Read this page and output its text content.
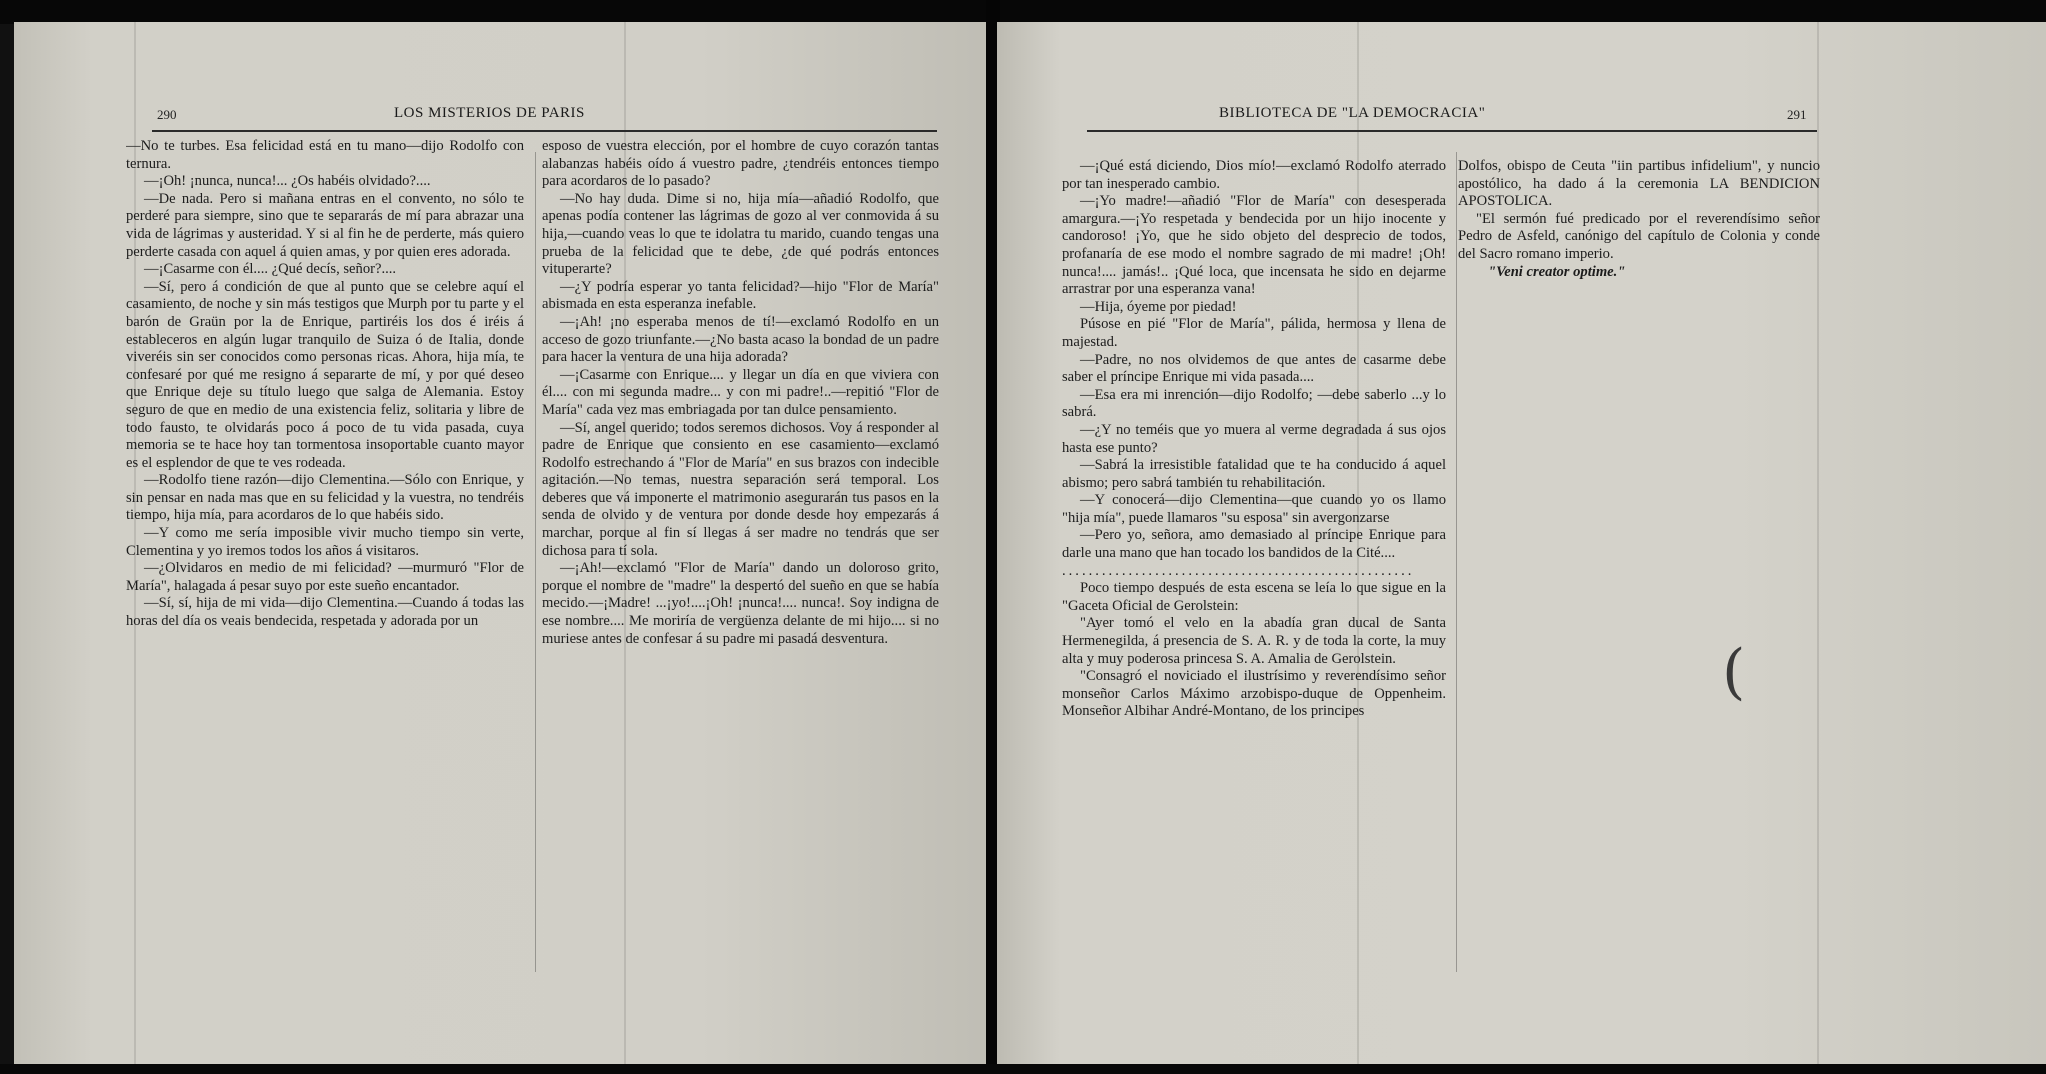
290	LOS MISTERIOS DE PARIS

—No te turbes. Esa felicidad está en tu mano—dijo Rodolfo con ternura.

—¡Oh! ¡nunca, nunca!... ¿Os habéis olvidado?....

—De nada. Pero si mañana entras en el convento, no sólo te perderé para siempre, sino que te separarás de mí para abrazar una vida de lágrimas y austeridad. Y si al fin he de perderte, más quiero perderte casada con aquel á quien amas, y por quien eres adorada.

—¡Casarme con él.... ¿Qué decís, señor?....

—Sí, pero á condición de que al punto que se celebre aquí el casamiento, de noche y sin más testigos que Murph por tu parte y el barón de Graün por la de Enrique, partiréis los dos é iréis á estableceros en algún lugar tranquilo de Suiza ó de Italia, donde viveréis sin ser conocidos como personas ricas. Ahora, hija mía, te confesaré por qué me resigno á separarte de mí, y por qué deseo que Enrique deje su título luego que salga de Alemania. Estoy seguro de que en medio de una existencia feliz, solitaria y libre de todo fausto, te olvidarás poco á poco de tu vida pasada, cuya memoria se te hace hoy tan tormentosa insoportable cuanto mayor es el esplendor de que te ves rodeada.

—Rodolfo tiene razón—dijo Clementina.—Sólo con Enrique, y sin pensar en nada mas que en su felicidad y la vuestra, no tendréis tiempo, hija mía, para acordaros de lo que habéis sido.

—Y como me sería imposible vivir mucho tiempo sin verte, Clementina y yo iremos todos los años á visitaros.

—¿Olvidaros en medio de mi felicidad? —murmuró "Flor de María", halagada á pesar suyo por este sueño encantador.

—Sí, sí, hija de mi vida—dijo Clementina.—Cuando á todas las horas del día os veais bendecida, respetada y adorada por un

esposo de vuestra elección, por el hombre de cuyo corazón tantas alabanzas habéis oído á vuestro padre, ¿tendréis entonces tiempo para acordaros de lo pasado?

—No hay duda. Dime si no, hija mía—añadió Rodolfo, que apenas podía contener las lágrimas de gozo al ver conmovida á su hija,—cuando veas lo que te idolatra tu marido, cuando tengas una prueba de la felicidad que te debe, ¿de qué podrás entonces vituperarte?

—¿Y podría esperar yo tanta felicidad?—hijo "Flor de María" abismada en esta esperanza inefable.

—¡Ah! ¡no esperaba menos de tí!—exclamó Rodolfo en un acceso de gozo triunfante.—¿No basta acaso la bondad de un padre para hacer la ventura de una hija adorada?

—¡Casarme con Enrique.... y llegar un día en que viviera con él.... con mi segunda madre... y con mi padre!..—repitió "Flor de María" cada vez mas embriagada por tan dulce pensamiento.

—Sí, angel querido; todos seremos dichosos. Voy á responder al padre de Enrique que consiento en ese casamiento—exclamó Rodolfo estrechando á "Flor de María" en sus brazos con indecible agitación.—No temas, nuestra separación será temporal. Los deberes que vá imponerte el matrimonio asegurarán tus pasos en la senda de olvido y de ventura por donde desde hoy empezarás á marchar, porque al fin sí llegas á ser madre no tendrás que ser dichosa para tí sola.

—¡Ah!—exclamó "Flor de María" dando un doloroso grito, porque el nombre de "madre" la despertó del sueño en que se había mecido.—¡Madre! ...¡yo!....¡Oh! ¡nunca!.... nunca!. Soy indigna de ese nombre.... Me moriría de vergüenza delante de mi hijo.... si no muriese antes de confesar á su padre mi pasadá desventura.

BIBLIOTECA DE "LA DEMOCRACIA"	291

—¡Qué está diciendo, Dios mío!—exclamó Rodolfo aterrado por tan inesperado cambio.

—¡Yo madre!—añadió "Flor de María" con desesperada amargura.—¡Yo respetada y bendecida por un hijo inocente y candoroso! ¡Yo, que he sido objeto del desprecio de todos, profanaría de ese modo el nombre sagrado de mi madre! ¡Oh! nunca!.... jamás!.. ¡Qué loca, que incensata he sido en dejarme arrastrar por una esperanza vana!

—Hija, óyeme por piedad!

Púsose en pié "Flor de María", pálida, hermosa y llena de majestad.

—Padre, no nos olvidemos de que antes de casarme debe saber el príncipe Enrique mi vida pasada....

—Esa era mi inrención—dijo Rodolfo; —debe saberlo ...y lo sabrá.

—¿Y no teméis que yo muera al verme degradada á sus ojos hasta ese punto?

—Sabrá la irresistible fatalidad que te ha conducido á aquel abismo; pero sabrá también tu rehabilitación.

—Y conocerá—dijo Clementina—que cuando yo os llamo "hija mía", puede llamaros "su esposa" sin avergonzarse

—Pero yo, señora, amo demasiado al príncipe Enrique para darle una mano que han tocado los bandidos de la Cité....

.....................................................

Poco tiempo después de esta escena se leía lo que sigue en la "Gaceta Oficial de Gerolstein:

"Ayer tomó el velo en la abadía gran ducal de Santa Hermenegilda, á presencia de S. A. R. y de toda la corte, la muy alta y muy poderosa princesa S. A. Amalia de Gerolstein.

"Consagró el noviciado el ilustrísimo y reverendísimo señor monseñor Carlos Máximo arzobispo-duque de Oppenheim. Monseñor Albihar André-Montano, de los principes

Dolfos, obispo de Ceuta "iin partibus infidelium", y nuncio apostólico, ha dado á la ceremonia LA BENDICION APOSTOLICA.

"El sermón fué predicado por el reverendísimo señor Pedro de Asfeld, canónigo del capítulo de Colonia y conde del Sacro romano imperio.

"Veni creator optime."

(
